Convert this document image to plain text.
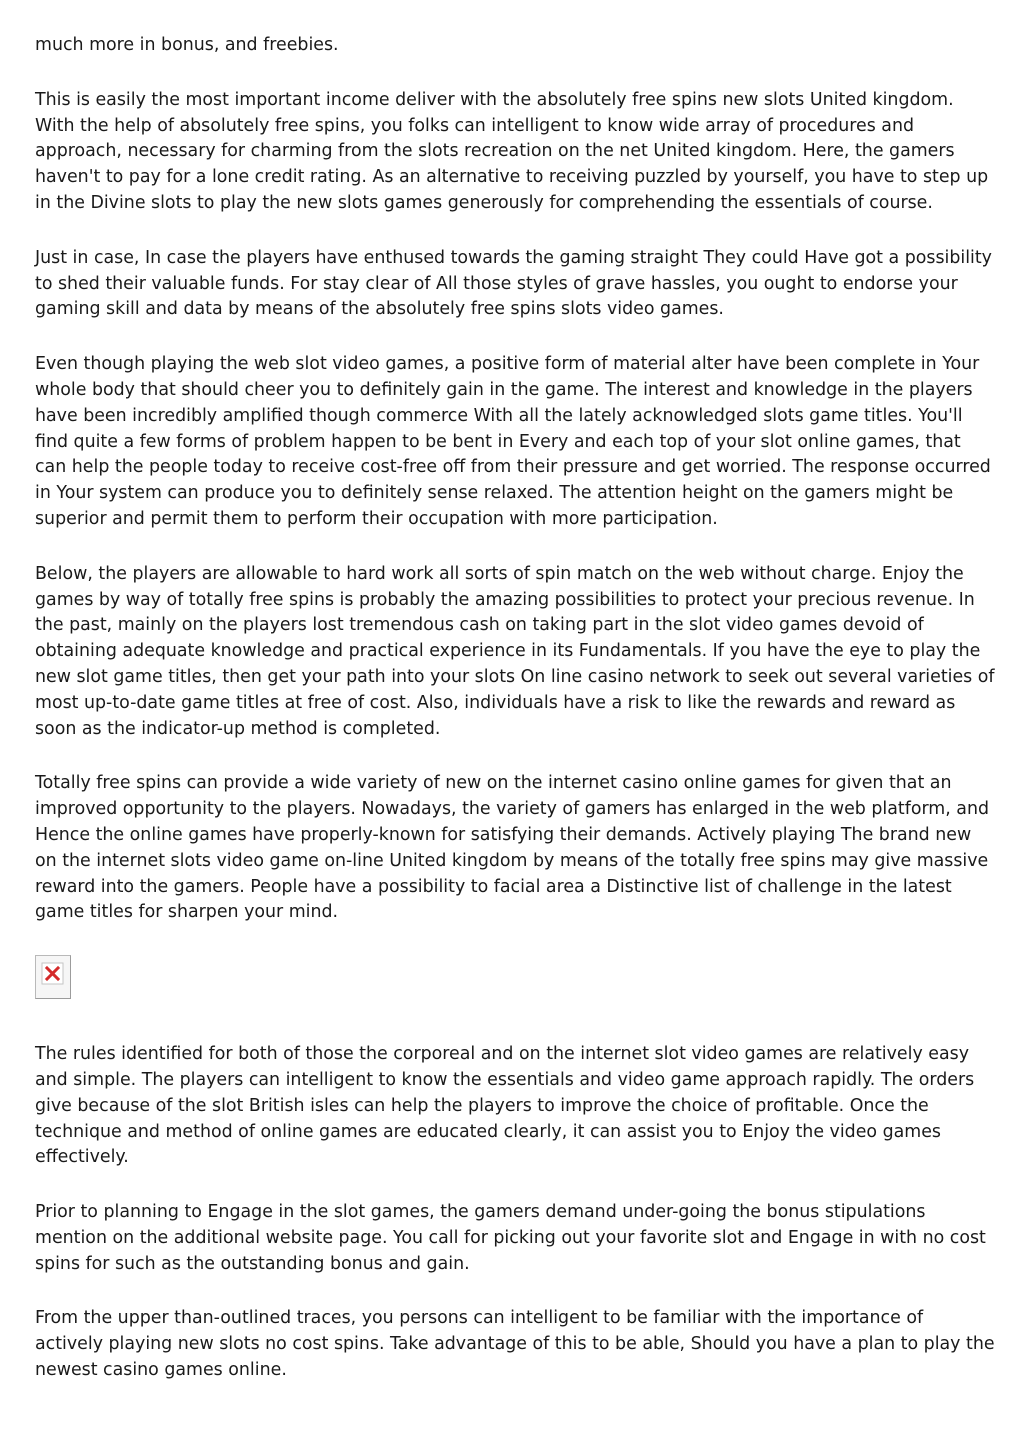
much more in bonus, and freebies.

This is easily the most important income deliver with the absolutely free spins new slots United kingdom. With the help of absolutely free spins, you folks can intelligent to know wide array of procedures and approach, necessary for charming from the slots recreation on the net United kingdom. Here, the gamers haven't to pay for a lone credit rating. As an alternative to receiving puzzled by yourself, you have to step up in the Divine slots to play the new slots games generously for comprehending the essentials of course.

Just in case, In case the players have enthused towards the gaming straight They could Have got a possibility to shed their valuable funds. For stay clear of All those styles of grave hassles, you ought to endorse your gaming skill and data by means of the absolutely free spins slots video games.

Even though playing the web slot video games, a positive form of material alter have been complete in Your whole body that should cheer you to definitely gain in the game. The interest and knowledge in the players have been incredibly amplified though commerce With all the lately acknowledged slots game titles. You'll find quite a few forms of problem happen to be bent in Every and each top of your slot online games, that can help the people today to receive cost-free off from their pressure and get worried. The response occurred in Your system can produce you to definitely sense relaxed. The attention height on the gamers might be superior and permit them to perform their occupation with more participation.

Below, the players are allowable to hard work all sorts of spin match on the web without charge. Enjoy the games by way of totally free spins is probably the amazing possibilities to protect your precious revenue. In the past, mainly on the players lost tremendous cash on taking part in the slot video games devoid of obtaining adequate knowledge and practical experience in its Fundamentals. If you have the eye to play the new slot game titles, then get your path into your slots On line casino network to seek out several varieties of most up-to-date game titles at free of cost. Also, individuals have a risk to like the rewards and reward as soon as the indicator-up method is completed.

Totally free spins can provide a wide variety of new on the internet casino online games for given that an improved opportunity to the players. Nowadays, the variety of gamers has enlarged in the web platform, and Hence the online games have properly-known for satisfying their demands. Actively playing The brand new on the internet slots video game on-line United kingdom by means of the totally free spins may give massive reward into the gamers. People have a possibility to facial area a Distinctive list of challenge in the latest game titles for sharpen your mind.

The rules identified for both of those the corporeal and on the internet slot video games are relatively easy and simple. The players can intelligent to know the essentials and video game approach rapidly. The orders give because of the slot British isles can help the players to improve the choice of profitable. Once the technique and method of online games are educated clearly, it can assist you to Enjoy the video games effectively.

Prior to planning to Engage in the slot games, the gamers demand under-going the bonus stipulations mention on the additional website page. You call for picking out your favorite slot and Engage in with no cost spins for such as the outstanding bonus and gain.

From the upper than-outlined traces, you persons can intelligent to be familiar with the importance of actively playing new slots no cost spins. Take advantage of this to be able, Should you have a plan to play the newest casino games online.
